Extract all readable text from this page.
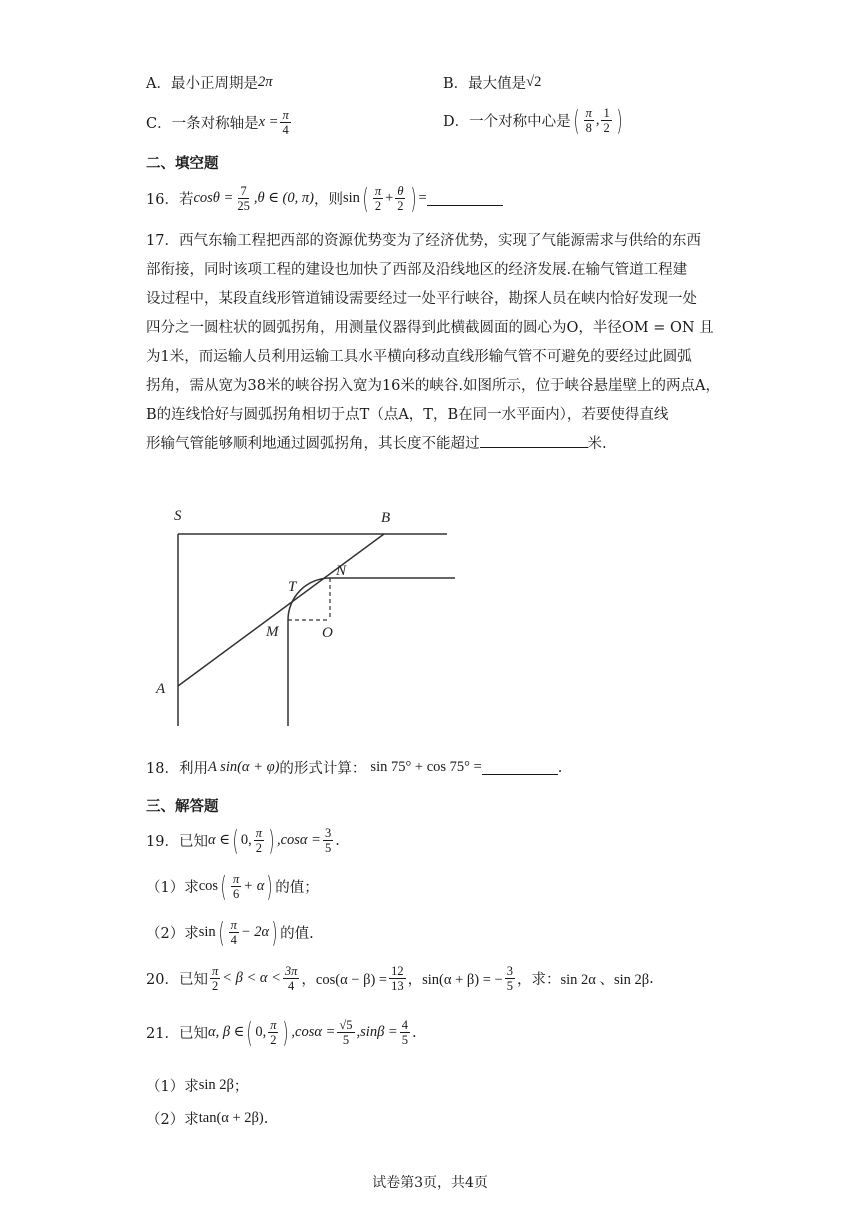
A． 最小正周期是 2π	B． 最大值是 √2
C． 一条对称轴是 $x = \frac{\pi}{4}$	D． 一个对称中心是 ( $\frac{\pi}{8}$ , $\frac{1}{2}$ )
二、填空题
16． 若 $\cos\theta = \frac{7}{25} ,\theta$ ∈ (0, π) ，则 sin ( $\frac{\pi}{2} + \frac{\theta}{2}$ ) =
17．西气东输工程把西部的资源优势变为了经济优势，实现了气能源需求与供给的东西
部衔接，同时该项工程的建设也加快了西部及沿线地区的经济发展.在输气管道工程建
设过程中，某段直线形管道铺设需要经过一处平行峡谷，勘探人员在峡内恰好发现一处
四分之一圆柱状的圆弧拐角，用测量仪器得到此横截圆面的圆心为O，半径OM = ON 且
为1米，而运输人员利用运输工具水平横向移动直线形输气管不可避免的要经过此圆弧
拐角，需从宽为38米的峡谷拐入宽为16米的峡谷.如图所示，位于峡谷悬崖壁上的两点A，
B的连线恰好与圆弧拐角相切于点T（点A，T，B在同一水平面内），若要使得直线
形输气管能够顺利地通过圆弧拐角，其长度不能超过	米.
S	B
N
T
M	O
A
18． 利用 A sin(α + φ) 的形式计算： sin 75° + cos 75° =	.
三、解答题
19． 已知 α ∈ ( 0, $\frac{\pi}{2}$ ) $,\cos\alpha = \frac{3}{5}$ .
（1）求 cos ( $\frac{\pi}{6} + \alpha$ ) 的值；
（2）求 sin ( $\frac{\pi}{4} - 2\alpha$ ) 的值.
20． 已知 $\frac{\pi}{2} < \beta < \alpha < \frac{3\pi}{4}$ ，$\cos(\alpha - \beta) = \frac{12}{13}$ ，sin(α + β) = − $\frac{3}{5}$ ，求： sin 2α 、sin 2β .
21． 已知 α, β ∈ ( 0, $\frac{\pi}{2}$ ) $,\cos\alpha = \frac{√5}{5} ,\sin\beta = \frac{4}{5}$ .
（1）求 sin 2β ；
（2）求 tan(α + 2β) .
试卷第3页，共4页
